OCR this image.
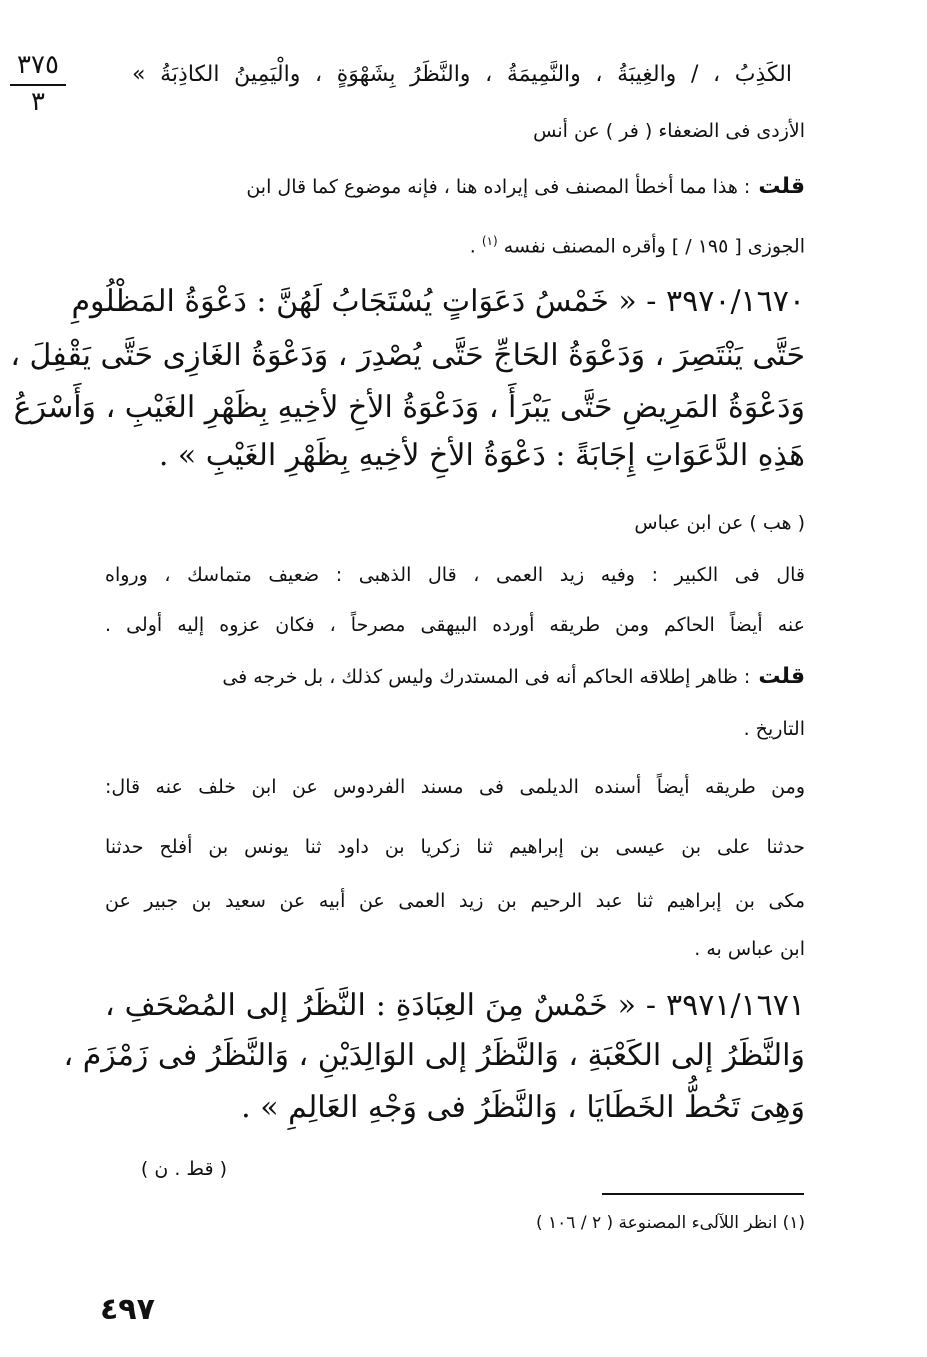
٣٧٥
٣
الكَذِبُ ، / والغِيبَةُ ، والنَّمِيمَةُ ، والنَّظَرُ بِشَهْوَةٍ ، والْيَمِينُ الكاذِبَةُ »
الأزدى فى الضعفاء ( فر ) عن أنس
قلت: هذا مما أخطأ المصنف فى إيراده هنا ، فإنه موضوع كما قال ابن
الجوزى [ ١٩٥ / ] وأقره المصنف نفسه $^{(١)}$ .
٣٩٧٠/١٦٧٠ - « خَمْسُ دَعَوَاتٍ يُسْتَجَابُ لَهُنَّ : دَعْوَةُ المَظْلُومِ
حَتَّى يَنْتَصِرَ ، وَدَعْوَةُ الحَاجِّ حَتَّى يُصْدِرَ ، وَدَعْوَةُ الغَازِى حَتَّى يَقْفِلَ ،
وَدَعْوَةُ المَرِيضِ حَتَّى يَبْرَأَ ، وَدَعْوَةُ الأخِ لأخِيهِ بِظَهْرِ الغَيْبِ ، وَأَسْرَعُ
هَذِهِ الدَّعَوَاتِ إِجَابَةً : دَعْوَةُ الأخِ لأخِيهِ بِظَهْرِ الغَيْبِ » .
( هب ) عن ابن عباس
قال فى الكبير : وفيه زيد العمى ، قال الذهبى : ضعيف متماسك ، ورواه
عنه أيضاً الحاكم ومن طريقه أورده البيهقى مصرحاً ، فكان عزوه إليه أولى .
قلت: ظاهر إطلاقه الحاكم أنه فى المستدرك وليس كذلك ، بل خرجه فى
التاريخ .
ومن طريقه أيضاً أسنده الديلمى فى مسند الفردوس عن ابن خلف عنه قال:
حدثنا على بن عيسى بن إبراهيم ثنا زكريا بن داود ثنا يونس بن أفلح حدثنا
مكى بن إبراهيم ثنا عبد الرحيم بن زيد العمى عن أبيه عن سعيد بن جبير عن
ابن عباس به .
٣٩٧١/١٦٧١ - « خَمْسٌ مِنَ العِبَادَةِ : النَّظَرُ إلى المُصْحَفِ ،
وَالنَّظَرُ إلى الكَعْبَةِ ، وَالنَّظَرُ إلى الوَالِدَيْنِ ، وَالنَّظَرُ فى زَمْزَمَ ،
وَهِىَ تَحُطُّ الخَطَايَا ، وَالنَّظَرُ فى وَجْهِ العَالِمِ » .
( قط . ن )
(١) انظر اللآلىء المصنوعة ( ٢ / ١٠٦ )
٤٩٧
